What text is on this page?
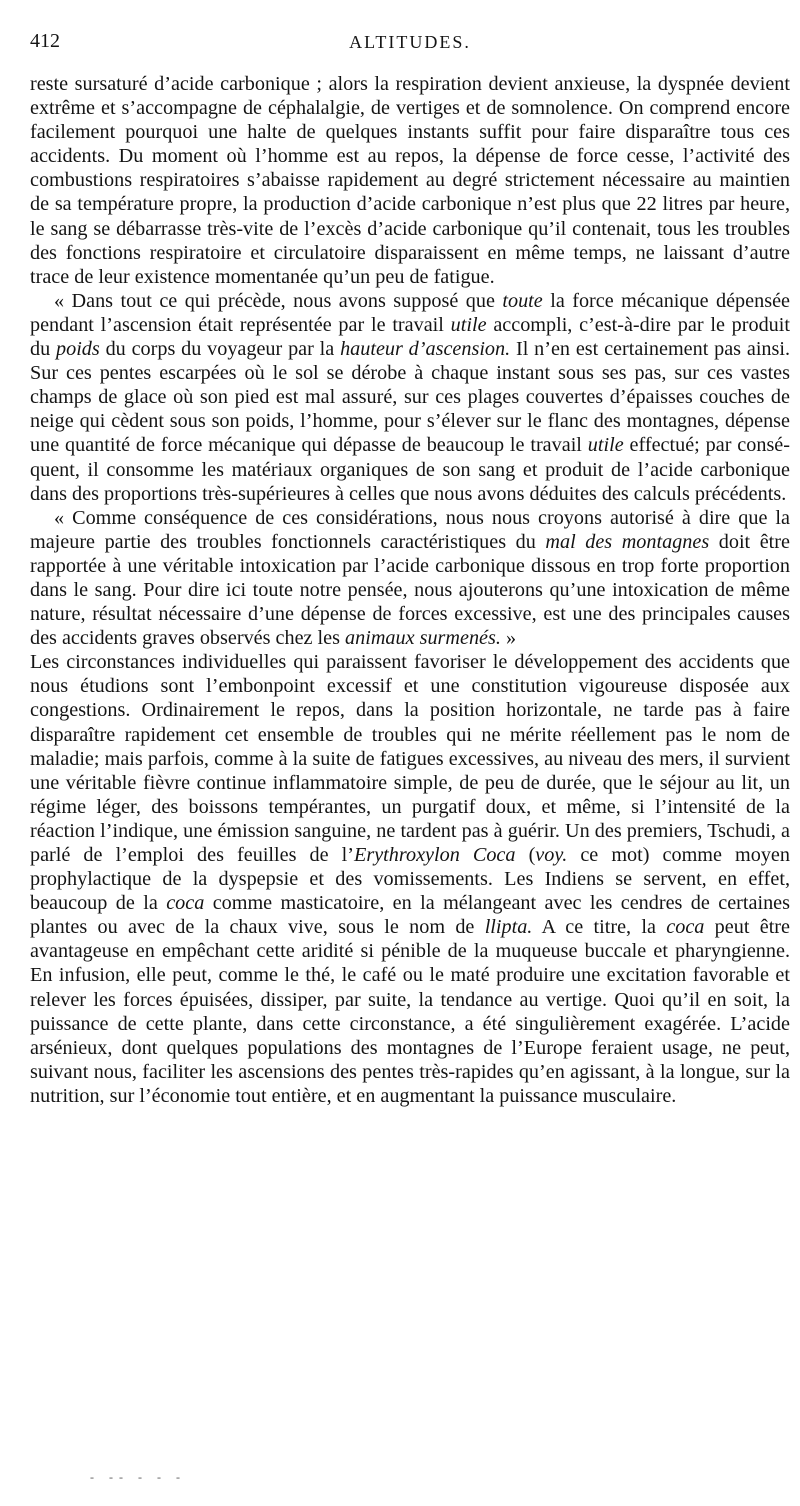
412	ALTITUDES.

reste sursaturé d’acide carbonique ; alors la respiration devient anxieuse, la dyspnée devient extrême et s’accompagne de céphalalgie, de vertiges et de somnolence. On comprend encore facilement pourquoi une halte de quelques instants suffit pour faire disparaître tous ces accidents. Du moment où l’homme est au repos, la dépense de force cesse, l’activité des combustions respiratoires s’abaisse rapidement au degré strictement nécessaire au maintien de sa température propre, la production d’acide carbonique n’est plus que 22 litres par heure, le sang se débarrasse très-vite de l’excès d’acide carbonique qu’il contenait, tous les troubles des fonctions respiratoire et circulatoire disparaissent en même temps, ne laissant d’autre trace de leur existence momentanée qu’un peu de fatigue.

« Dans tout ce qui précède, nous avons supposé que toute la force mécanique dépensée pendant l’ascension était représentée par le travail utile accompli, c’est-à-dire par le produit du poids du corps du voyageur par la hauteur d’ascension. Il n’en est certainement pas ainsi. Sur ces pentes escarpées où le sol se dérobe à chaque instant sous ses pas, sur ces vastes champs de glace où son pied est mal assuré, sur ces plages couvertes d’épaisses couches de neige qui cèdent sous son poids, l’homme, pour s’élever sur le flanc des montagnes, dépense une quantité de force mécanique qui dépasse de beaucoup le travail utile effectué; par conséquent, il consomme les matériaux organiques de son sang et produit de l’acide carbonique dans des proportions très-supérieures à celles que nous avons déduites des calculs précédents.

« Comme conséquence de ces considérations, nous nous croyons autorisé à dire que la majeure partie des troubles fonctionnels caractéristiques du mal des montagnes doit être rapportée à une véritable intoxication par l’acide carbonique dissous en trop forte proportion dans le sang. Pour dire ici toute notre pensée, nous ajouterons qu’une intoxication de même nature, résultat nécessaire d’une dépense de forces excessive, est une des principales causes des accidents graves observés chez les animaux surmenés. »

Les circonstances individuelles qui paraissent favoriser le développement des accidents que nous étudions sont l’embonpoint excessif et une constitution vigoureuse disposée aux congestions. Ordinairement le repos, dans la position horizontale, ne tarde pas à faire disparaître rapidement cet ensemble de troubles qui ne mérite réellement pas le nom de maladie; mais parfois, comme à la suite de fatigues excessives, au niveau des mers, il survient une véritable fièvre continue inflammatoire simple, de peu de durée, que le séjour au lit, un régime léger, des boissons tempérantes, un purgatif doux, et même, si l’intensité de la réaction l’indique, une émission sanguine, ne tardent pas à guérir. Un des premiers, Tschudi, a parlé de l’emploi des feuilles de l’Erythroxylon Coca (voy. ce mot) comme moyen prophylactique de la dyspepsie et des vomissements. Les Indiens se servent, en effet, beaucoup de la coca comme masticatoire, en la mélangeant avec les cendres de certaines plantes ou avec de la chaux vive, sous le nom de llipta. A ce titre, la coca peut être avantageuse en empêchant cette aridité si pénible de la muqueuse buccale et pharyngienne. En infusion, elle peut, comme le thé, le café ou le maté produire une excitation favorable et relever les forces épuisées, dissiper, par suite, la tendance au vertige. Quoi qu’il en soit, la puissance de cette plante, dans cette circonstance, a été singulièrement exagérée. L’acide arsénieux, dont quelques populations des montagnes de l’Europe feraient usage, ne peut, suivant nous, faciliter les ascensions des pentes très-rapides qu’en agissant, à la longue, sur la nutrition, sur l’économie tout entière, et en augmentant la puissance musculaire.

- -- - - -
